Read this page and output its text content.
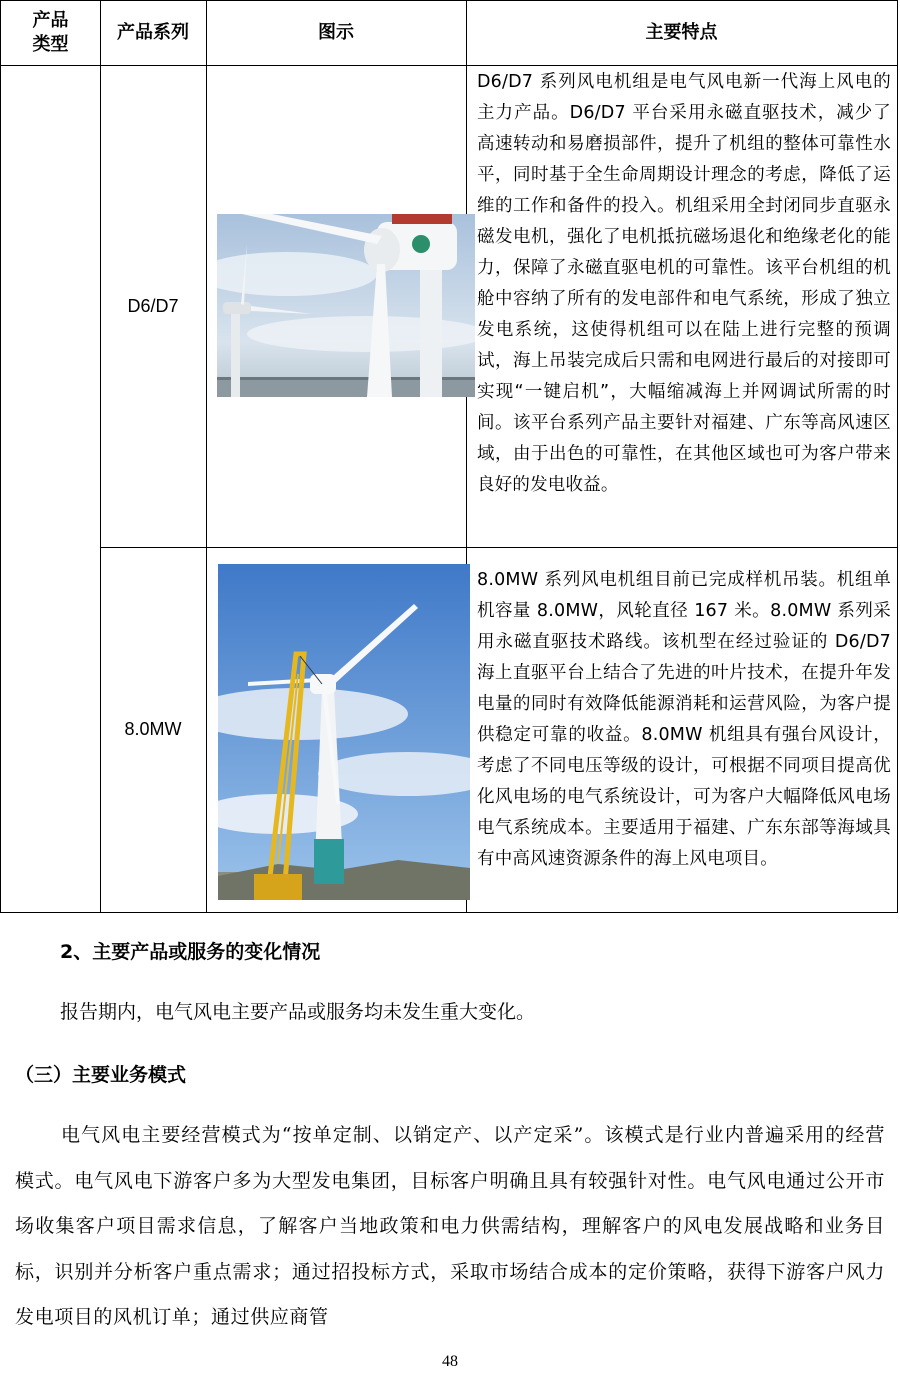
产品类型
产品系列	图示	主要特点
D6/D7
D6/D7 系列风电机组是电气风电新一代海上风电的主力产品。D6/D7 平台采用永磁直驱技术，减少了高速转动和易磨损部件，提升了机组的整体可靠性水平，同时基于全生命周期设计理念的考虑，降低了运维的工作和备件的投入。机组采用全封闭同步直驱永磁发电机，强化了电机抵抗磁场退化和绝缘老化的能力，保障了永磁直驱电机的可靠性。该平台机组的机舱中容纳了所有的发电部件和电气系统，形成了独立发电系统，这使得机组可以在陆上进行完整的预调试，海上吊装完成后只需和电网进行最后的对接即可实现“一键启机”，大幅缩减海上并网调试所需的时间。该平台系列产品主要针对福建、广东等高风速区域，由于出色的可靠性，在其他区域也可为客户带来良好的发电收益。
8.0MW
8.0MW 系列风电机组目前已完成样机吊装。机组单机容量 8.0MW，风轮直径 167 米。8.0MW 系列采用永磁直驱技术路线。该机型在经过验证的 D6/D7 海上直驱平台上结合了先进的叶片技术，在提升年发电量的同时有效降低能源消耗和运营风险，为客户提供稳定可靠的收益。8.0MW 机组具有强台风设计，考虑了不同电压等级的设计，可根据不同项目提高优化风电场的电气系统设计，可为客户大幅降低风电场电气系统成本。主要适用于福建、广东东部等海域具有中高风速资源条件的海上风电项目。
2、主要产品或服务的变化情况
报告期内，电气风电主要产品或服务均未发生重大变化。
（三）主要业务模式
电气风电主要经营模式为“按单定制、以销定产、以产定采”。该模式是行业内普遍采用的经营模式。电气风电下游客户多为大型发电集团，目标客户明确且具有较强针对性。电气风电通过公开市场收集客户项目需求信息，了解客户当地政策和电力供需结构，理解客户的风电发展战略和业务目标，识别并分析客户重点需求；通过招投标方式，采取市场结合成本的定价策略，获得下游客户风力发电项目的风机订单；通过供应商管
48
